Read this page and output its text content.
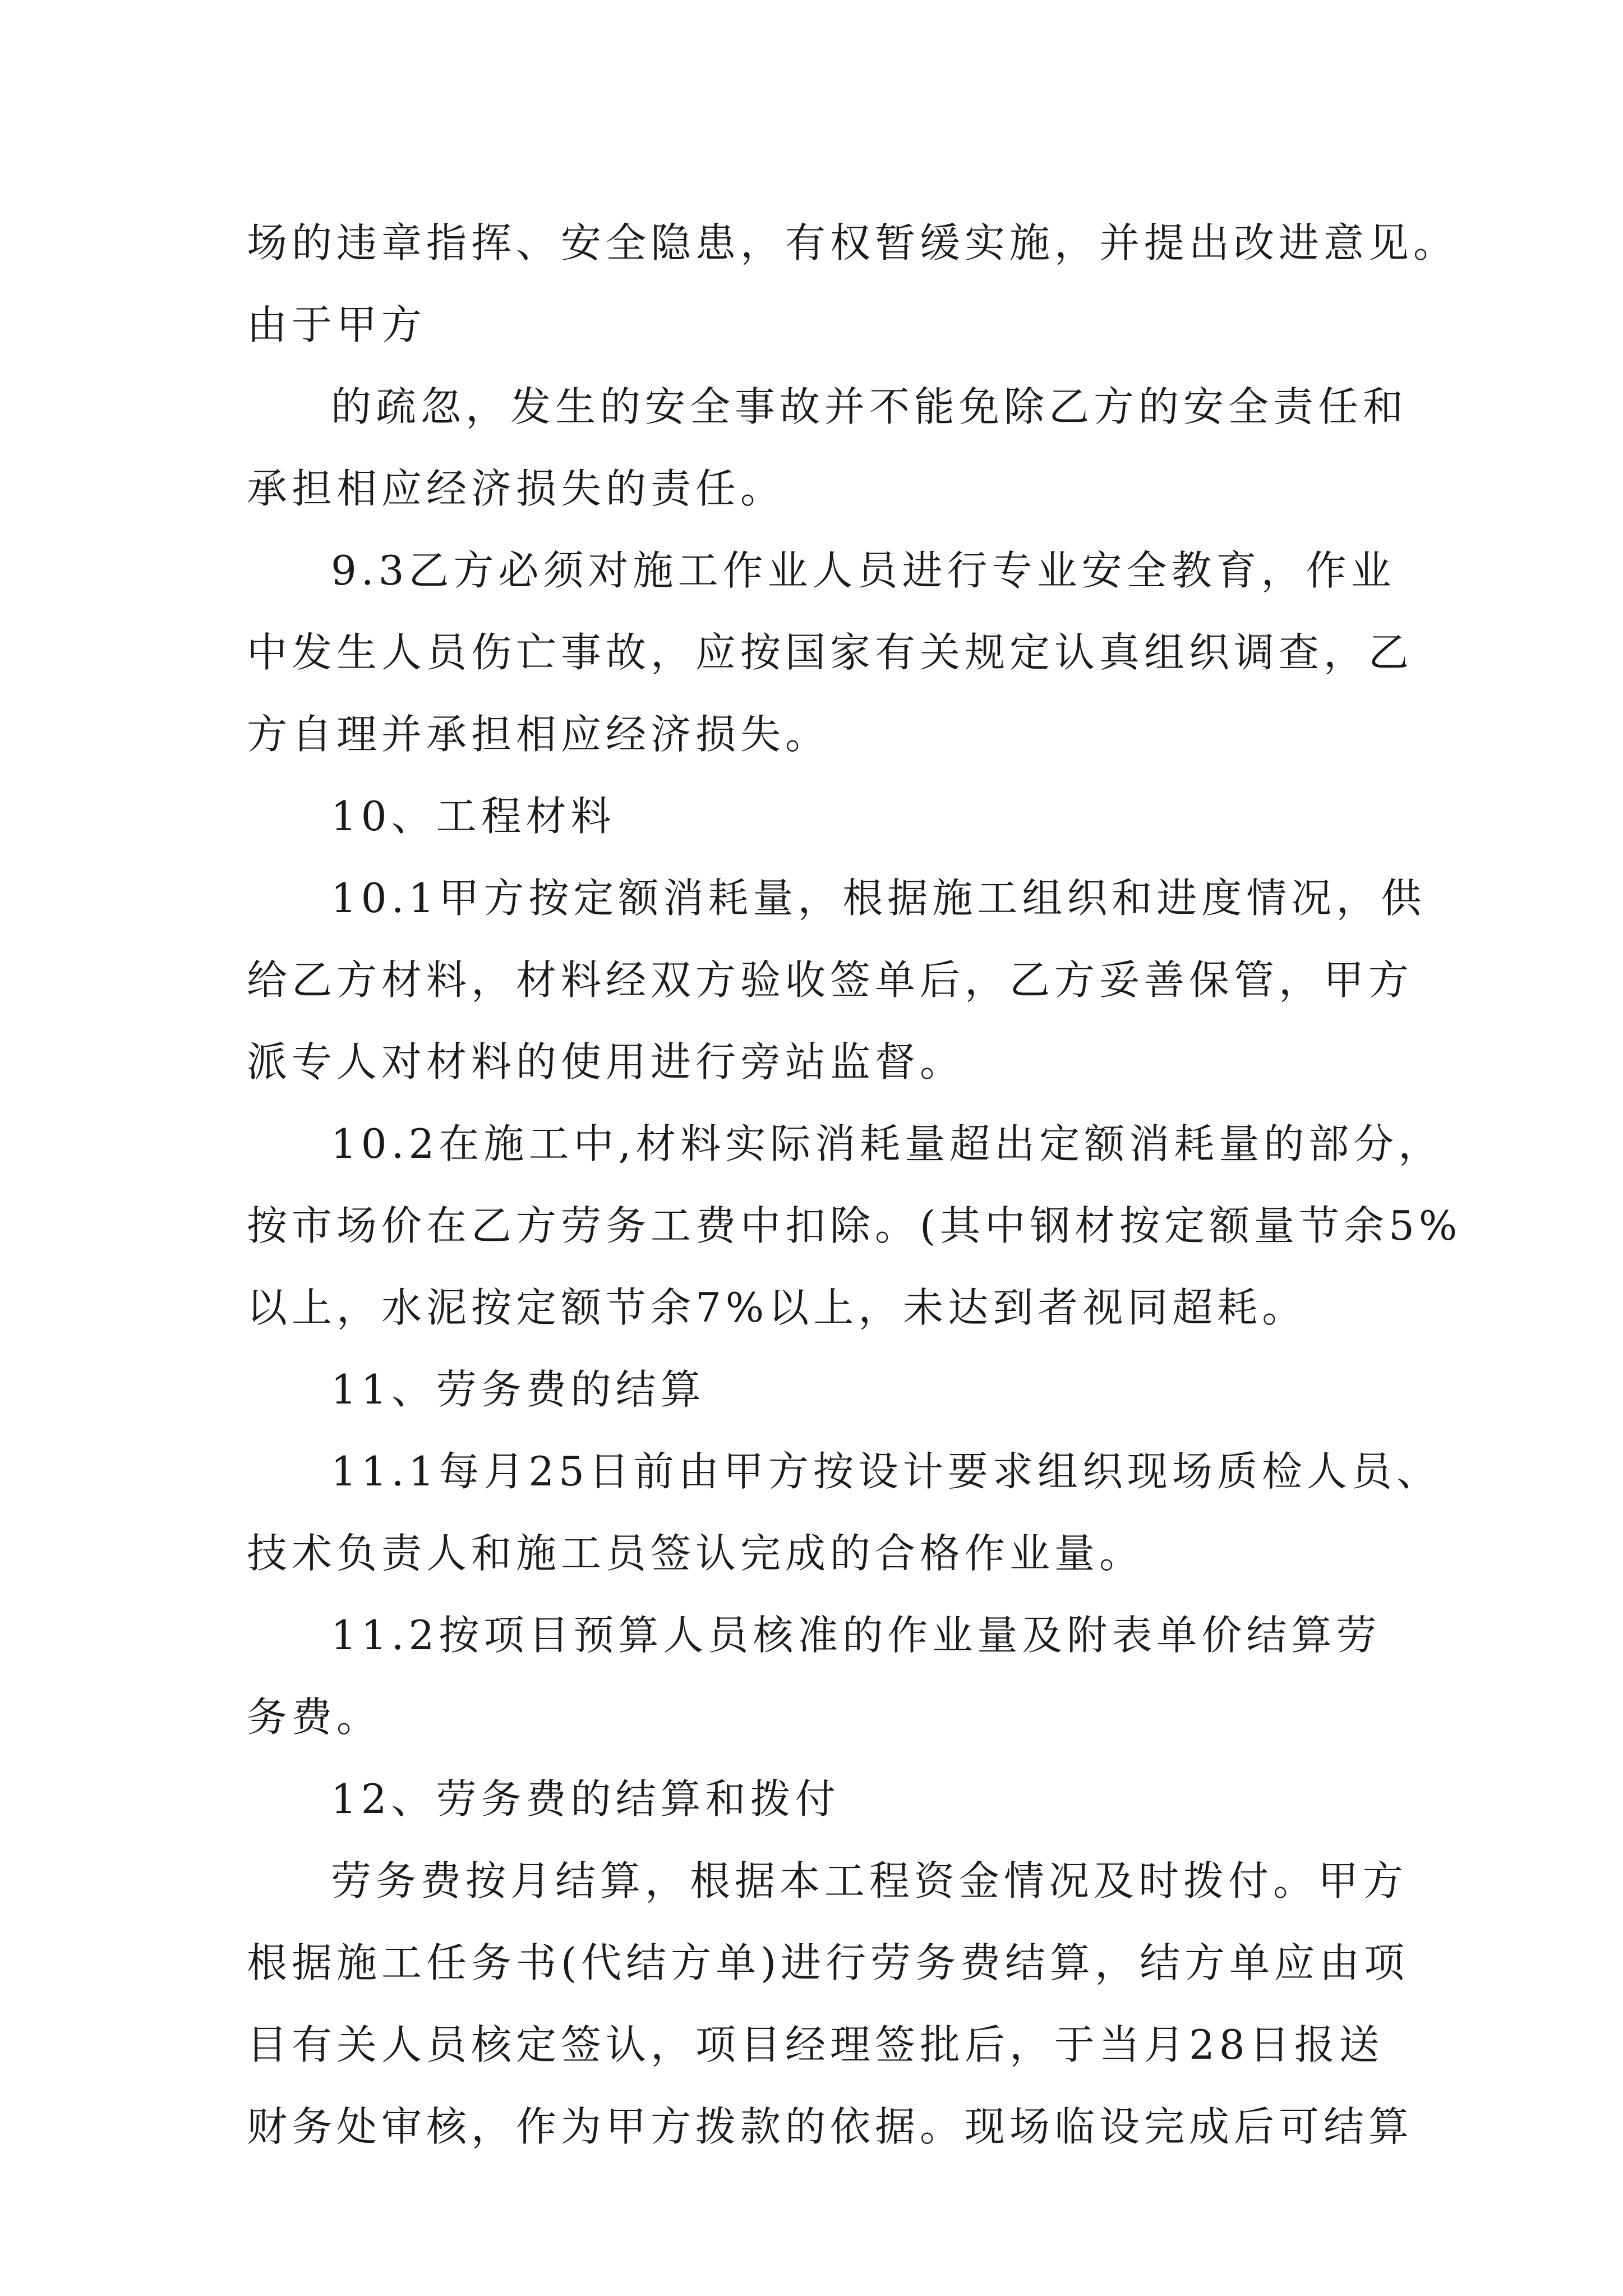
场的违章指挥、安全隐患，有权暂缓实施，并提出改进意见。
由于甲方
的疏忽，发生的安全事故并不能免除乙方的安全责任和
承担相应经济损失的责任。
9.3乙方必须对施工作业人员进行专业安全教育，作业
中发生人员伤亡事故，应按国家有关规定认真组织调查，乙
方自理并承担相应经济损失。
10、工程材料
10.1甲方按定额消耗量，根据施工组织和进度情况，供
给乙方材料，材料经双方验收签单后，乙方妥善保管，甲方
派专人对材料的使用进行旁站监督。
10.2在施工中,材料实际消耗量超出定额消耗量的部分，
按市场价在乙方劳务工费中扣除。(其中钢材按定额量节余5%
以上，水泥按定额节余7%以上，未达到者视同超耗。
11、劳务费的结算
11.1每月25日前由甲方按设计要求组织现场质检人员、
技术负责人和施工员签认完成的合格作业量。
11.2按项目预算人员核准的作业量及附表单价结算劳
务费。
12、劳务费的结算和拨付
劳务费按月结算，根据本工程资金情况及时拨付。甲方
根据施工任务书(代结方单)进行劳务费结算，结方单应由项
目有关人员核定签认，项目经理签批后，于当月28日报送
财务处审核，作为甲方拨款的依据。现场临设完成后可结算
